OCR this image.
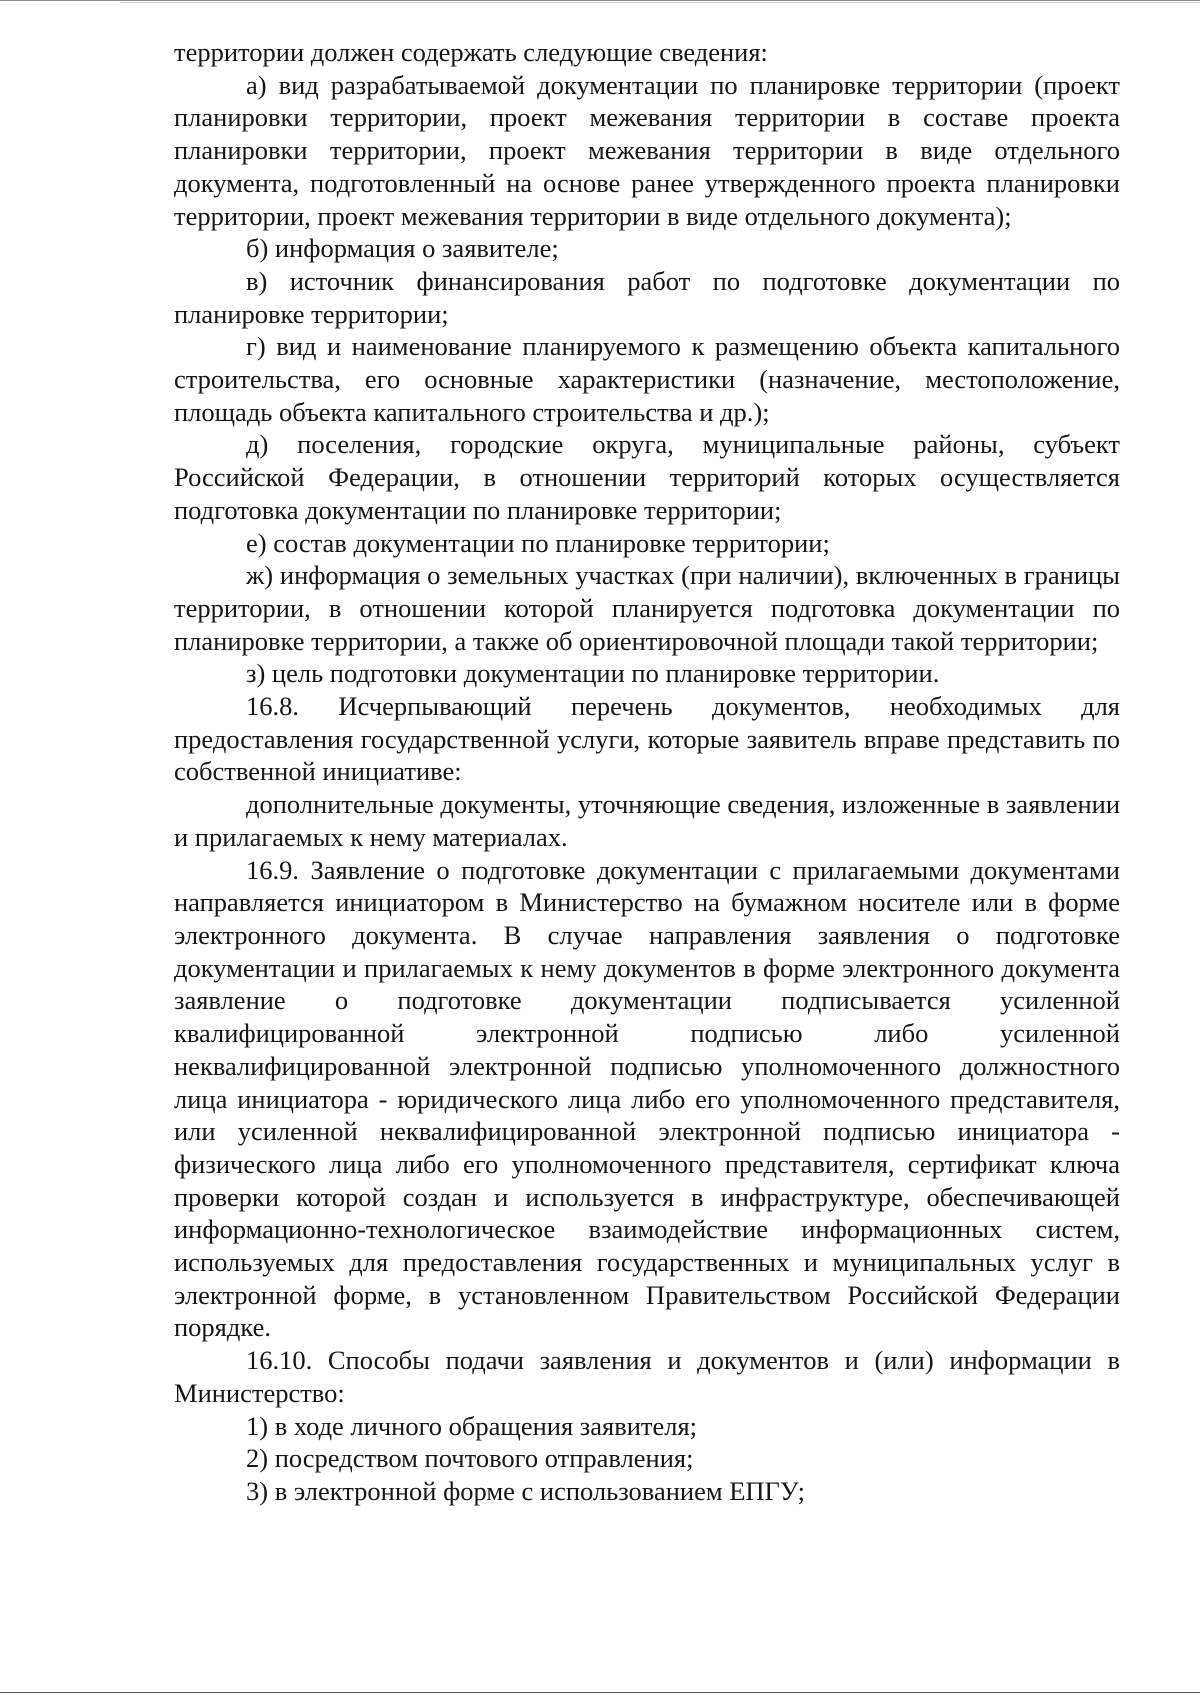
территории должен содержать следующие сведения:

а) вид разрабатываемой документации по планировке территории (проект планировки территории, проект межевания территории в составе проекта планировки территории, проект межевания территории в виде отдельного документа, подготовленный на основе ранее утвержденного проекта планировки территории, проект межевания территории в виде отдельного документа);

б) информация о заявителе;

в) источник финансирования работ по подготовке документации по планировке территории;

г) вид и наименование планируемого к размещению объекта капитального строительства, его основные характеристики (назначение, местоположение, площадь объекта капитального строительства и др.);

д) поселения, городские округа, муниципальные районы, субъект Российской Федерации, в отношении территорий которых осуществляется подготовка документации по планировке территории;

е) состав документации по планировке территории;

ж) информация о земельных участках (при наличии), включенных в границы территории, в отношении которой планируется подготовка документации по планировке территории, а также об ориентировочной площади такой территории;

з) цель подготовки документации по планировке территории.

16.8. Исчерпывающий перечень документов, необходимых для предоставления государственной услуги, которые заявитель вправе представить по собственной инициативе:

дополнительные документы, уточняющие сведения, изложенные в заявлении и прилагаемых к нему материалах.

16.9. Заявление о подготовке документации с прилагаемыми документами направляется инициатором в Министерство на бумажном носителе или в форме электронного документа. В случае направления заявления о подготовке документации и прилагаемых к нему документов в форме электронного документа заявление о подготовке документации подписывается усиленной квалифицированной электронной подписью либо усиленной неквалифицированной электронной подписью уполномоченного должностного лица инициатора - юридического лица либо его уполномоченного представителя, или усиленной неквалифицированной электронной подписью инициатора - физического лица либо его уполномоченного представителя, сертификат ключа проверки которой создан и используется в инфраструктуре, обеспечивающей информационно-технологическое взаимодействие информационных систем, используемых для предоставления государственных и муниципальных услуг в электронной форме, в установленном Правительством Российской Федерации порядке.

16.10. Способы подачи заявления и документов и (или) информации в Министерство:

1) в ходе личного обращения заявителя;

2) посредством почтового отправления;

3) в электронной форме с использованием ЕПГУ;
